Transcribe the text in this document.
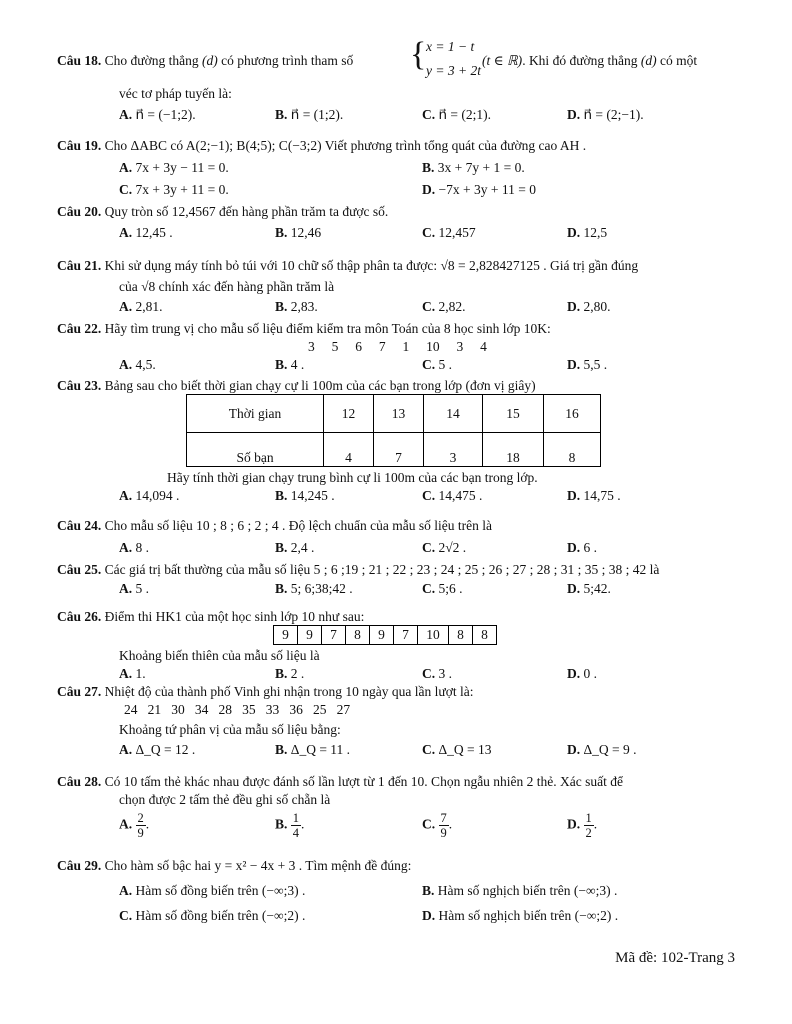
Câu 18. Cho đường thẳng (d) có phương trình tham số { x = 1 − t
y = 3 + 2t
(t ∈ ℝ). Khi đó đường thẳng (d) có một
véc tơ pháp tuyến là:
A. n⃗ = (−1;2).	B. n⃗ = (1;2).	C. n⃗ = (2;1).	D. n⃗ = (2;−1).
Câu 19. Cho ΔABC có A(2;−1); B(4;5); C(−3;2) Viết phương trình tổng quát của đường cao AH .
A. 7x + 3y − 11 = 0.	B. 3x + 7y + 1 = 0.
C. 7x + 3y + 11 = 0.	D. −7x + 3y + 11 = 0
Câu 20. Quy tròn số 12,4567 đến hàng phần trăm ta được số.
A. 12,45 .	B. 12,46	C. 12,457	D. 12,5
Câu 21. Khi sử dụng máy tính bỏ túi với 10 chữ số thập phân ta được: √8 = 2,828427125 . Giá trị gần đúng
của √8 chính xác đến hàng phần trăm là
A. 2,81.	B. 2,83.	C. 2,82.	D. 2,80.
Câu 22. Hãy tìm trung vị cho mẫu số liệu điểm kiểm tra môn Toán của 8 học sinh lớp 10K:
3     5     6     7     1     10     3     4
A. 4,5.	B. 4 .	C. 5 .	D. 5,5 .
Câu 23. Bảng sau cho biết thời gian chạy cự li 100m của các bạn trong lớp (đơn vị giây)
Thời gian	12	13	14	15	16
Số bạn	4	7	3	18	8
Hãy tính thời gian chạy trung bình cự li 100m của các bạn trong lớp.
A. 14,094 .	B. 14,245 .	C. 14,475 .	D. 14,75 .
Câu 24. Cho mẫu số liệu 10 ; 8 ; 6 ; 2 ; 4 . Độ lệch chuẩn của mẫu số liệu trên là
A. 8 .	B. 2,4 .	C. 2√2 .	D. 6 .
Câu 25. Các giá trị bất thường của mẫu số liệu 5 ; 6 ;19 ; 21 ; 22 ; 23 ; 24 ; 25 ; 26 ; 27 ; 28 ; 31 ; 35 ; 38 ; 42 là
A. 5 .	B. 5; 6;38;42 .	C. 5;6 .	D. 5;42.
Câu 26. Điểm thi HK1 của một học sinh lớp 10 như sau:
9	9	7	8	9	7	10	8	8
Khoảng biến thiên của mẫu số liệu là
A. 1.	B. 2 .	C. 3 .	D. 0 .
Câu 27. Nhiệt độ của thành phố Vinh ghi nhận trong 10 ngày qua lần lượt là:
24   21   30   34   28   35   33   36   25   27
Khoảng tứ phân vị của mẫu số liệu bằng:
A. Δ_Q = 12 .	B. Δ_Q = 11 .	C. Δ_Q = 13	D. Δ_Q = 9 .
Câu 28. Có 10 tấm thẻ khác nhau được đánh số lần lượt từ 1 đến 10. Chọn ngẫu nhiên 2 thẻ. Xác suất để
chọn được 2 tấm thẻ đều ghi số chẵn là
A. $\frac{2}{9}$ .	B. $\frac{1}{4}$ .	C. $\frac{7}{9}$ .	D. $\frac{1}{2}$ .
Câu 29. Cho hàm số bậc hai y = x² − 4x + 3 . Tìm mệnh đề đúng:
A. Hàm số đồng biến trên (−∞;3) .	B. Hàm số nghịch biến trên (−∞;3) .
C. Hàm số đồng biến trên (−∞;2) .	D. Hàm số nghịch biến trên (−∞;2) .
Mã đề: 102-Trang 3
